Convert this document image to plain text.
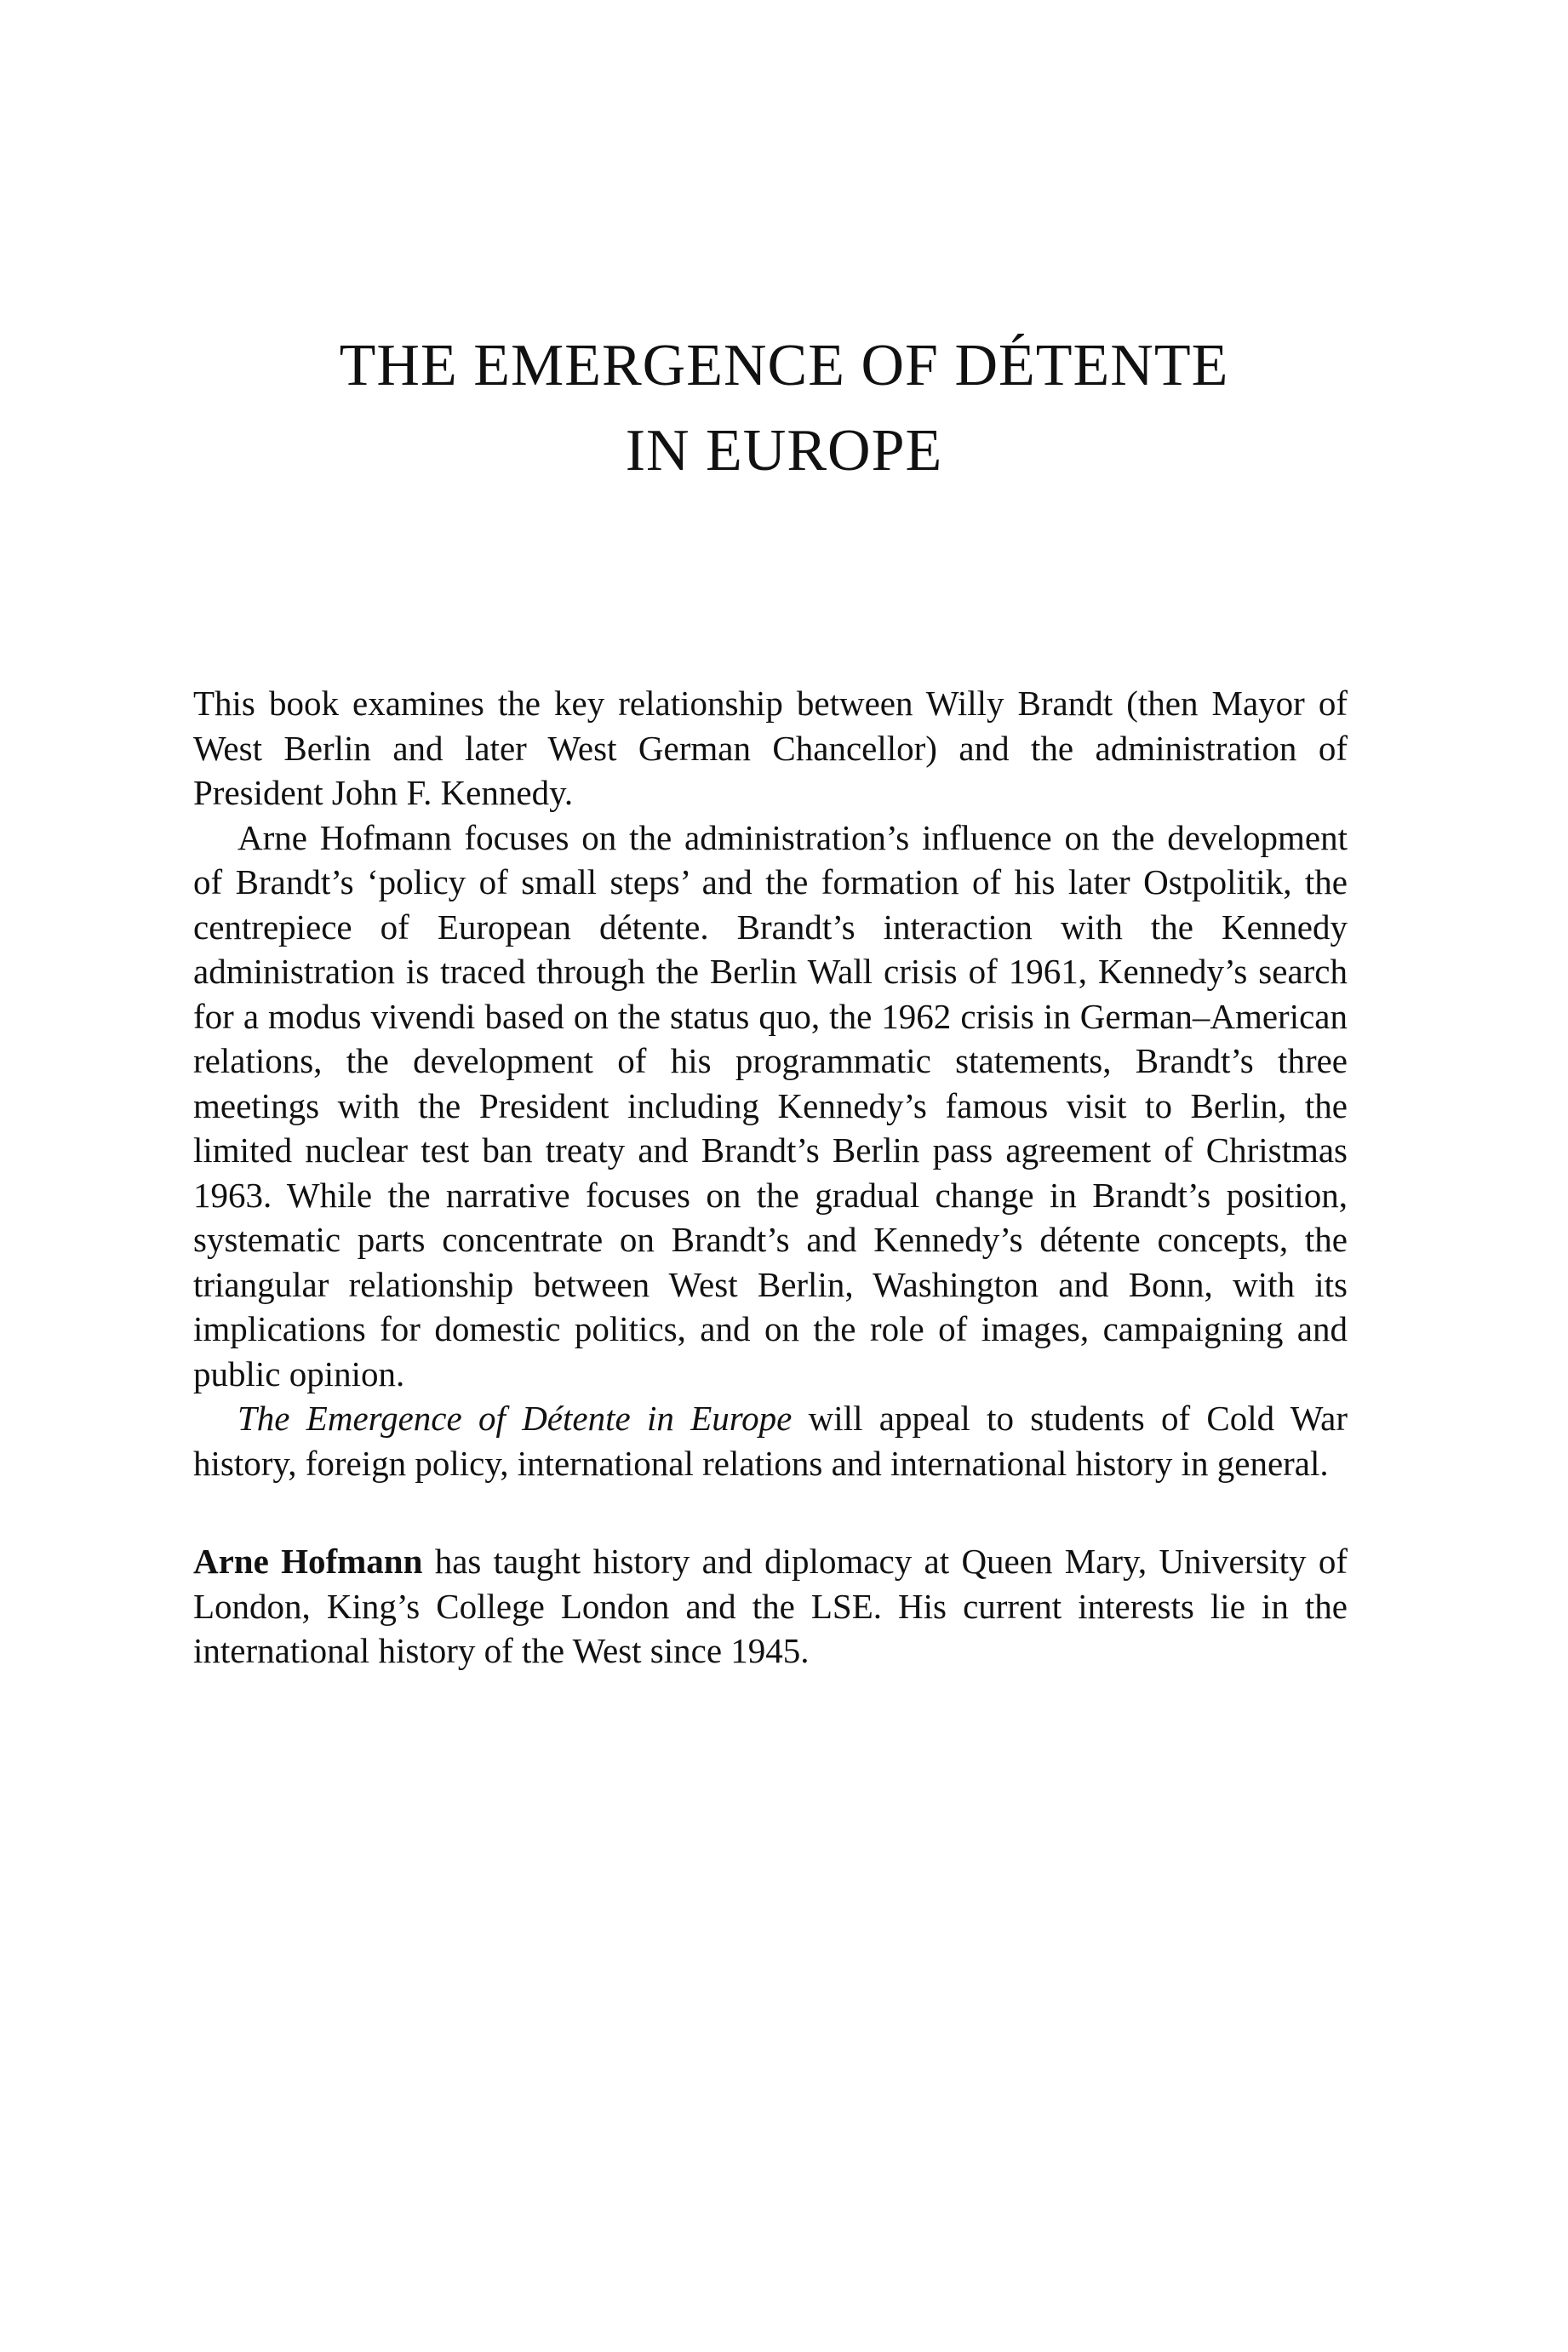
THE EMERGENCE OF DÉTENTE
IN EUROPE

This book examines the key relationship between Willy Brandt (then Mayor of West Berlin and later West German Chancellor) and the administration of President John F. Kennedy.

Arne Hofmann focuses on the administration’s influence on the development of Brandt’s ‘policy of small steps’ and the formation of his later Ostpolitik, the centrepiece of European détente. Brandt’s interaction with the Kennedy administration is traced through the Berlin Wall crisis of 1961, Kennedy’s search for a modus vivendi based on the status quo, the 1962 crisis in German–American relations, the development of his programmatic statements, Brandt’s three meetings with the President including Kennedy’s famous visit to Berlin, the limited nuclear test ban treaty and Brandt’s Berlin pass agreement of Christmas 1963. While the narrative focuses on the gradual change in Brandt’s position, systematic parts concentrate on Brandt’s and Kennedy’s détente concepts, the triangular relationship between West Berlin, Washington and Bonn, with its implications for domestic politics, and on the role of images, campaigning and public opinion.

The Emergence of Détente in Europe will appeal to students of Cold War history, foreign policy, international relations and international history in general.

Arne Hofmann has taught history and diplomacy at Queen Mary, University of London, King’s College London and the LSE. His current interests lie in the international history of the West since 1945.
